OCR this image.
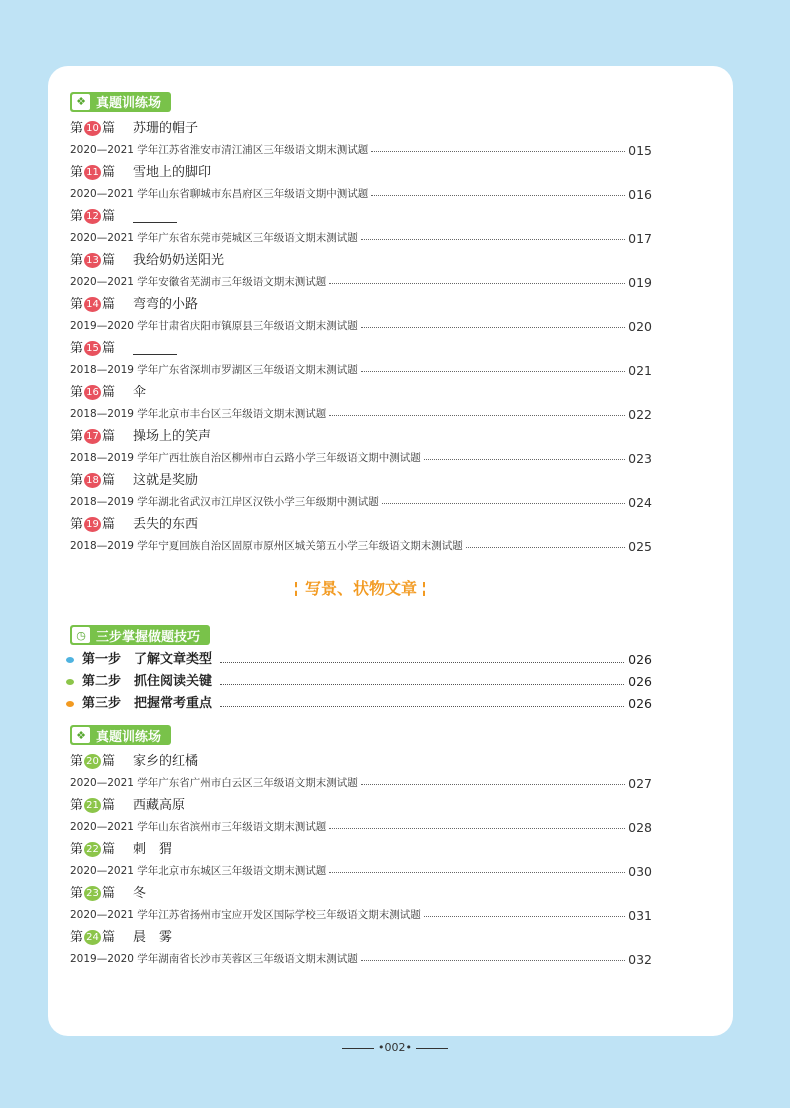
❖ 真题训练场
第 10 篇 苏珊的帽子
2020—2021 学年江苏省淮安市清江浦区三年级语文期末测试题	015
第 11 篇 雪地上的脚印
2020—2021 学年山东省聊城市东昌府区三年级语文期中测试题	016
第 12 篇
2020—2021 学年广东省东莞市莞城区三年级语文期末测试题	017
第 13 篇 我给奶奶送阳光
2020—2021 学年安徽省芜湖市三年级语文期末测试题	019
第 14 篇 弯弯的小路
2019—2020 学年甘肃省庆阳市镇原县三年级语文期末测试题	020
第 15 篇
2018—2019 学年广东省深圳市罗湖区三年级语文期末测试题	021
第 16 篇 伞
2018—2019 学年北京市丰台区三年级语文期末测试题	022
第 17 篇 操场上的笑声
2018—2019 学年广西壮族自治区柳州市白云路小学三年级语文期中测试题	023
第 18 篇 这就是奖励
2018—2019 学年湖北省武汉市江岸区汉铁小学三年级期中测试题	024
第 19 篇 丢失的东西
2018—2019 学年宁夏回族自治区固原市原州区城关第五小学三年级语文期末测试题	025
写景、状物文章
◷ 三步掌握做题技巧
第一步　了解文章类型	026
第二步　抓住阅读关键	026
第三步　把握常考重点	026
❖ 真题训练场
第 20 篇 家乡的红橘
2020—2021 学年广东省广州市白云区三年级语文期末测试题	027
第 21 篇 西藏高原
2020—2021 学年山东省滨州市三年级语文期末测试题	028
第 22 篇 刺　猬
2020—2021 学年北京市东城区三年级语文期末测试题	030
第 23 篇 冬
2020—2021 学年江苏省扬州市宝应开发区国际学校三年级语文期末测试题	031
第 24 篇 晨　雾
2019—2020 学年湖南省长沙市芙蓉区三年级语文期末测试题	032
•002•
